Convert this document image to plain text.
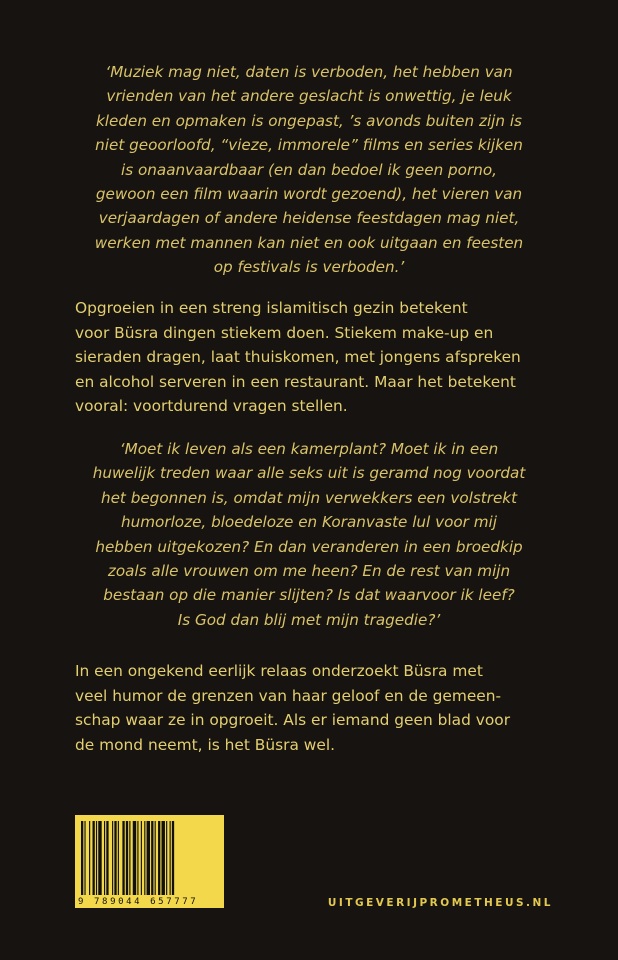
‘Muziek mag niet, daten is verboden, het hebben van
vrienden van het andere geslacht is onwettig, je leuk
kleden en opmaken is ongepast, ’s avonds buiten zijn is
niet geoorloofd, “vieze, immorele” films en series kijken
is onaanvaardbaar (en dan bedoel ik geen porno,
gewoon een film waarin wordt gezoend), het vieren van
verjaardagen of andere heidense feestdagen mag niet,
werken met mannen kan niet en ook uitgaan en feesten
op festivals is verboden.’

Opgroeien in een streng islamitisch gezin betekent
voor Büsra dingen stiekem doen. Stiekem make-up en
sieraden dragen, laat thuiskomen, met jongens afspreken
en alcohol serveren in een restaurant. Maar het betekent
vooral: voortdurend vragen stellen.

‘Moet ik leven als een kamerplant? Moet ik in een
huwelijk treden waar alle seks uit is geramd nog voordat
het begonnen is, omdat mijn verwekkers een volstrekt
humorloze, bloedeloze en Koranvaste lul voor mij
hebben uitgekozen? En dan veranderen in een broedkip
zoals alle vrouwen om me heen? En de rest van mijn
bestaan op die manier slijten? Is dat waarvoor ik leef?
Is God dan blij met mijn tragedie?’

In een ongekend eerlijk relaas onderzoekt Büsra met
veel humor de grenzen van haar geloof en de gemeen-
schap waar ze in opgroeit. Als er iemand geen blad voor
de mond neemt, is het Büsra wel.

9 789044 657777	UITGEVERIJPROMETHEUS.NL
